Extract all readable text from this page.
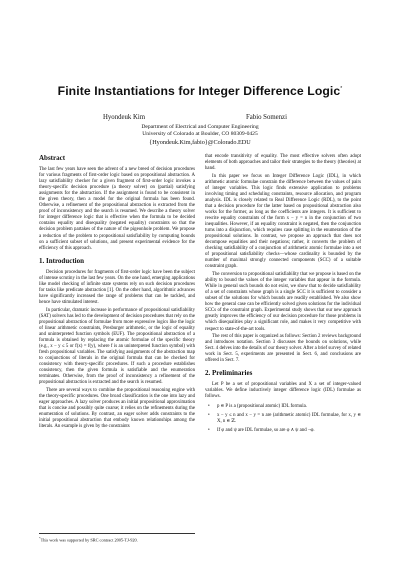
Finite Instantiations for Integer Difference Logic*
Hyondeuk Kim	Fabio Somenzi
Department of Electrical and Computer Engineering
University of Colorado at Boulder, CO 80309-0425
{Hyondeuk.Kim,fabio}@Colorado.EDU
Abstract

The last few years have seen the advent of a new breed of decision procedures for various fragments of first-order logic based on propositional abstraction. A lazy satisfiability checker for a given fragment of first-order logic invokes a theory-specific decision procedure (a theory solver) on (partial) satisfying assignments for the abstraction. If the assignment is found to be consistent in the given theory, then a model for the original formula has been found. Otherwise, a refinement of the propositional abstraction is extracted from the proof of inconsistency and the search is resumed. We describe a theory solver for integer difference logic that is effective when the formula to be decided contains equality and disequality (negated equality) constraints so that the decision problem partakes of the nature of the pigeonhole problem. We propose a reduction of the problem to propositional satisfiability by computing bounds on a sufficient subset of solutions, and present experimental evidence for the efficiency of this approach.

1. Introduction

Decision procedures for fragments of first-order logic have been the subject of intense scrutiny in the last few years. On the one hand, emerging applications like model checking of infinite state systems rely on such decision procedures for tasks like predicate abstraction [1]. On the other hand, algorithmic advances have significantly increased the range of problems that can be tackled, and hence have stimulated interest.

In particular, dramatic increase in performance of propositional satisfiability (SAT) solvers has led to the development of decision procedures that rely on the propositional abstraction of formulae from more expressive logics like the logic of linear arithmetic constraints, Presburger arithmetic, or the logic of equality and uninterpreted function symbols (EUF). The propositional abstraction of a formula is obtained by replacing the atomic formulae of the specific theory (e.g., x − y ≤ 5 or f(x) = f(y), where f is an uninterpreted function symbol) with fresh propositional variables. The satisfying assignments of the abstraction map to conjunctions of literals in the original formula that can be checked for consistency with theory-specific procedures. If such a procedure establishes consistency, then the given formula is satisfiable and the enumeration terminates. Otherwise, from the proof of inconsistency a refinement of the propositional abstraction is extracted and the search is resumed.

There are several ways to combine the propositional reasoning engine with the theory-specific procedures. One broad classification is the one into lazy and eager approaches. A lazy solver produces an initial propositional approximation that is concise and possibly quite coarse; it relies on the refinements during the enumeration of solutions. By contrast, an eager solver adds constraints to the initial propositional abstraction that embody known relationships among the literals. An example is given by the constraints

that encode transitivity of equality. The most effective solvers often adopt elements of both approaches and tailor their strategies to the theory (theories) at hand.

In this paper we focus on Integer Difference Logic (IDL), in which arithmetic atomic formulae constrain the difference between the values of pairs of integer variables. This logic finds extensive application to problems involving timing and scheduling constraints, resource allocation, and program analysis. IDL is closely related to Real Difference Logic (RDL), to the point that a decision procedure for the latter based on propositional abstraction also works for the former, as long as the coefficients are integers. It is sufficient to rewrite equality constraints of the form x − y = n in the conjunction of two inequalities. However, if an equality constraint is negated, then the conjunction turns into a disjunction, which requires case splitting in the enumeration of the propositional solutions. In contrast, we propose an approach that does not decompose equalities and their negations; rather, it converts the problem of checking satisfiability of a conjunction of arithmetic atomic formulae into a set of propositional satisfiability checks—whose cardinality is bounded by the number of maximal strongly connected components (SCC) of a suitable constraint graph.

The conversion to propositional satisfiability that we propose is based on the ability to bound the values of the integer variables that appear in the formula. While in general such bounds do not exist, we show that to decide satisfiability of a set of constraints whose graph is a single SCC it is sufficient to consider a subset of the solutions for which bounds are readily established. We also show how the general case can be efficiently solved given solutions for the individual SCCs of the constraint graph. Experimental study shows that our new approach greatly improves the efficiency of our decision procedure for those problems in which disequalities play a significant role, and makes it very competitive with respect to state-of-the-art tools.

The rest of this paper is organized as follows: Section 2 reviews background and introduces notation. Section 3 discusses the bounds on solutions, while Sect. 4 delves into the details of our theory solver. After a brief survey of related work in Sect. 5, experiments are presented in Sect. 6, and conclusions are offered in Sect. 7.

2. Preliminaries

Let P be a set of propositional variables and X a set of integer-valued variables. We define inductively integer difference logic (IDL) formulae as follows.

• p ∈ P is a (propositional atomic) IDL formula.
• x − y ≤ n and x − y = n are (arithmetic atomic) IDL formulae, for x, y ∈ X, n ∈ ℤ.
• If φ and ψ are IDL formulae, so are φ ∧ ψ and ¬φ.
*This work was supported by SRC contract 2005-TJ-920.
